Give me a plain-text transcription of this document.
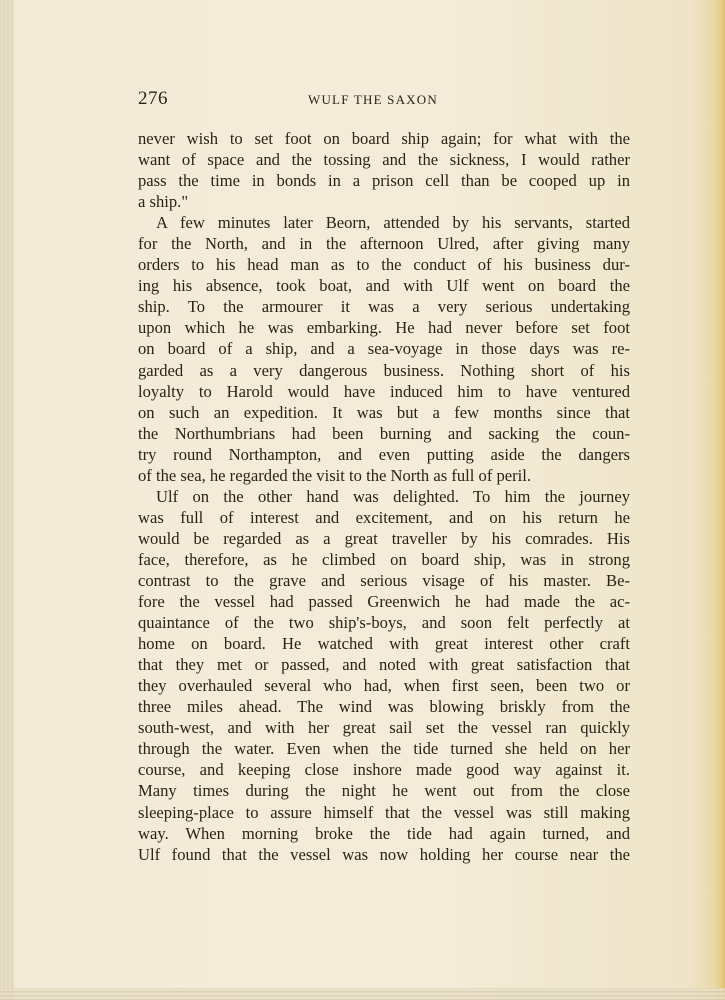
276	WULF THE SAXON
never wish to set foot on board ship again; for what with the
want of space and the tossing and the sickness, I would rather
pass the time in bonds in a prison cell than be cooped up in
a ship."
A few minutes later Beorn, attended by his servants, started
for the North, and in the afternoon Ulred, after giving many
orders to his head man as to the conduct of his business dur-
ing his absence, took boat, and with Ulf went on board the
ship. To the armourer it was a very serious undertaking
upon which he was embarking. He had never before set foot
on board of a ship, and a sea-voyage in those days was re-
garded as a very dangerous business. Nothing short of his
loyalty to Harold would have induced him to have ventured
on such an expedition. It was but a few months since that
the Northumbrians had been burning and sacking the coun-
try round Northampton, and even putting aside the dangers
of the sea, he regarded the visit to the North as full of peril.
Ulf on the other hand was delighted. To him the journey
was full of interest and excitement, and on his return he
would be regarded as a great traveller by his comrades. His
face, therefore, as he climbed on board ship, was in strong
contrast to the grave and serious visage of his master. Be-
fore the vessel had passed Greenwich he had made the ac-
quaintance of the two ship's-boys, and soon felt perfectly at
home on board. He watched with great interest other craft
that they met or passed, and noted with great satisfaction that
they overhauled several who had, when first seen, been two or
three miles ahead. The wind was blowing briskly from the
south-west, and with her great sail set the vessel ran quickly
through the water. Even when the tide turned she held on her
course, and keeping close inshore made good way against it.
Many times during the night he went out from the close
sleeping-place to assure himself that the vessel was still making
way. When morning broke the tide had again turned, and
Ulf found that the vessel was now holding her course near the
